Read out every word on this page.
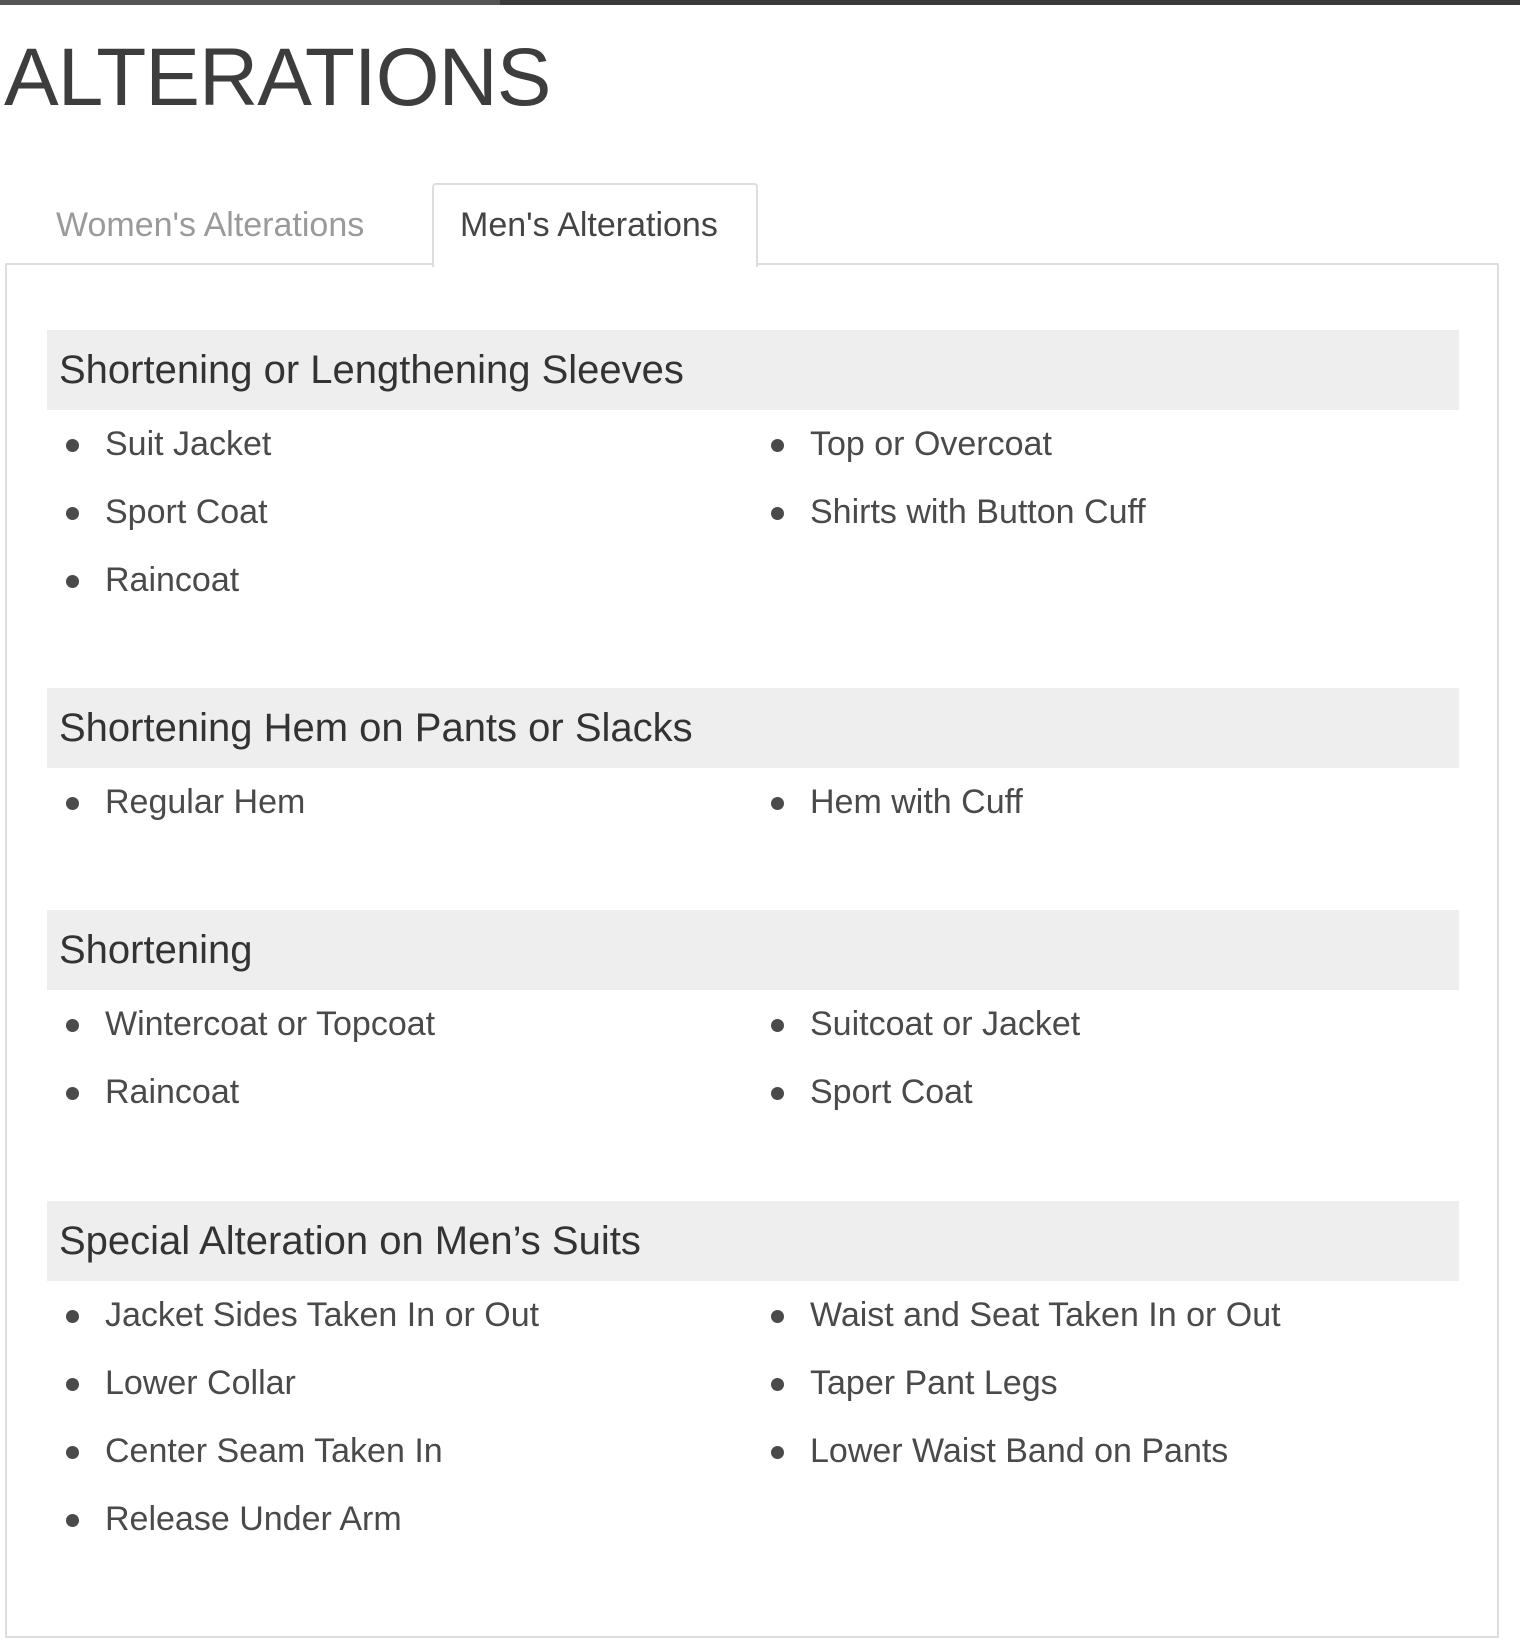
ALTERATIONS
Women's Alterations	Men's Alterations
Shortening or Lengthening Sleeves
Suit Jacket
Sport Coat
Raincoat
Top or Overcoat
Shirts with Button Cuff
Shortening Hem on Pants or Slacks
Regular Hem	Hem with Cuff
Shortening
Wintercoat or Topcoat
Raincoat
Suitcoat or Jacket
Sport Coat
Special Alteration on Men’s Suits
Jacket Sides Taken In or Out
Lower Collar
Center Seam Taken In
Release Under Arm
Waist and Seat Taken In or Out
Taper Pant Legs
Lower Waist Band on Pants
